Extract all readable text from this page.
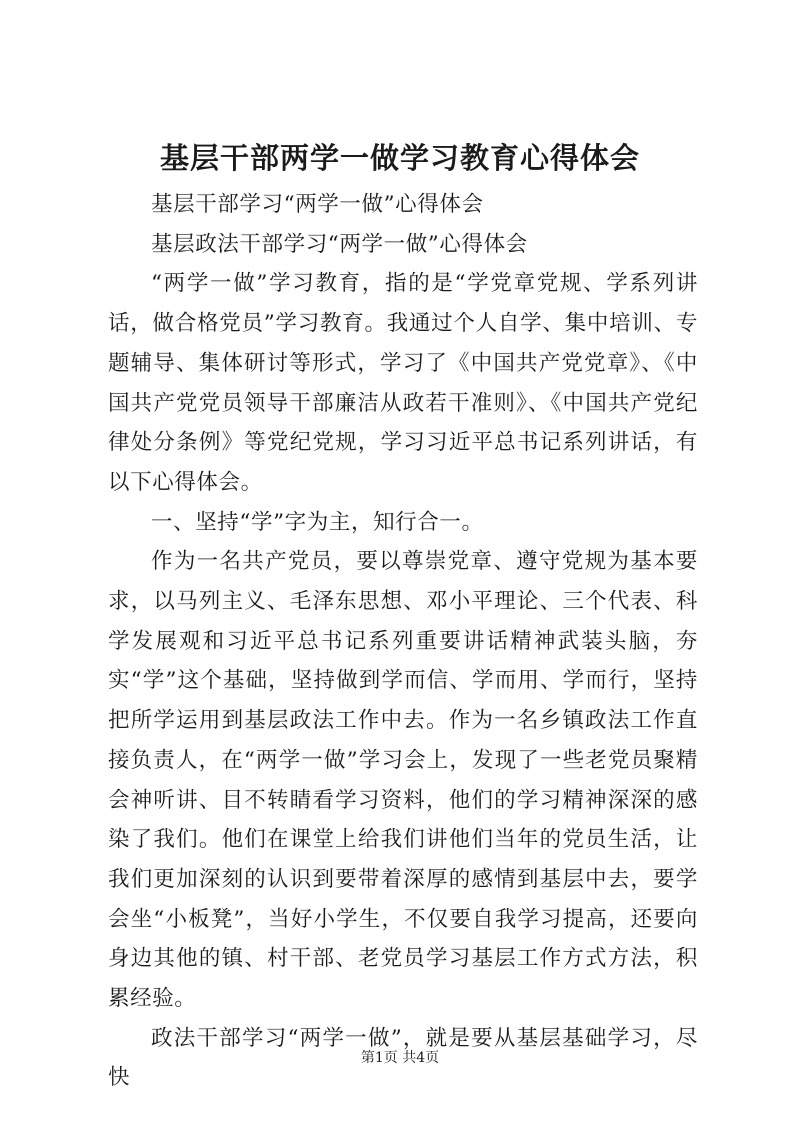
基层干部两学一做学习教育心得体会

基层干部学习“两学一做”心得体会

基层政法干部学习“两学一做”心得体会

“两学一做”学习教育，指的是“学党章党规、学系列讲话，做合格党员”学习教育。我通过个人自学、集中培训、专题辅导、集体研讨等形式，学习了《中国共产党党章》、《中国共产党党员领导干部廉洁从政若干准则》、《中国共产党纪律处分条例》等党纪党规，学习习近平总书记系列讲话，有以下心得体会。

一、坚持“学”字为主，知行合一。

作为一名共产党员，要以尊崇党章、遵守党规为基本要求，以马列主义、毛泽东思想、邓小平理论、三个代表、科学发展观和习近平总书记系列重要讲话精神武装头脑，夯实“学”这个基础，坚持做到学而信、学而用、学而行，坚持把所学运用到基层政法工作中去。作为一名乡镇政法工作直接负责人，在“两学一做”学习会上，发现了一些老党员聚精会神听讲、目不转睛看学习资料，他们的学习精神深深的感染了我们。他们在课堂上给我们讲他们当年的党员生活，让我们更加深刻的认识到要带着深厚的感情到基层中去，要学会坐“小板凳”，当好小学生，不仅要自我学习提高，还要向身边其他的镇、村干部、老党员学习基层工作方式方法，积累经验。

政法干部学习“两学一做”，就是要从基层基础学习，尽快

第1页 共4页
